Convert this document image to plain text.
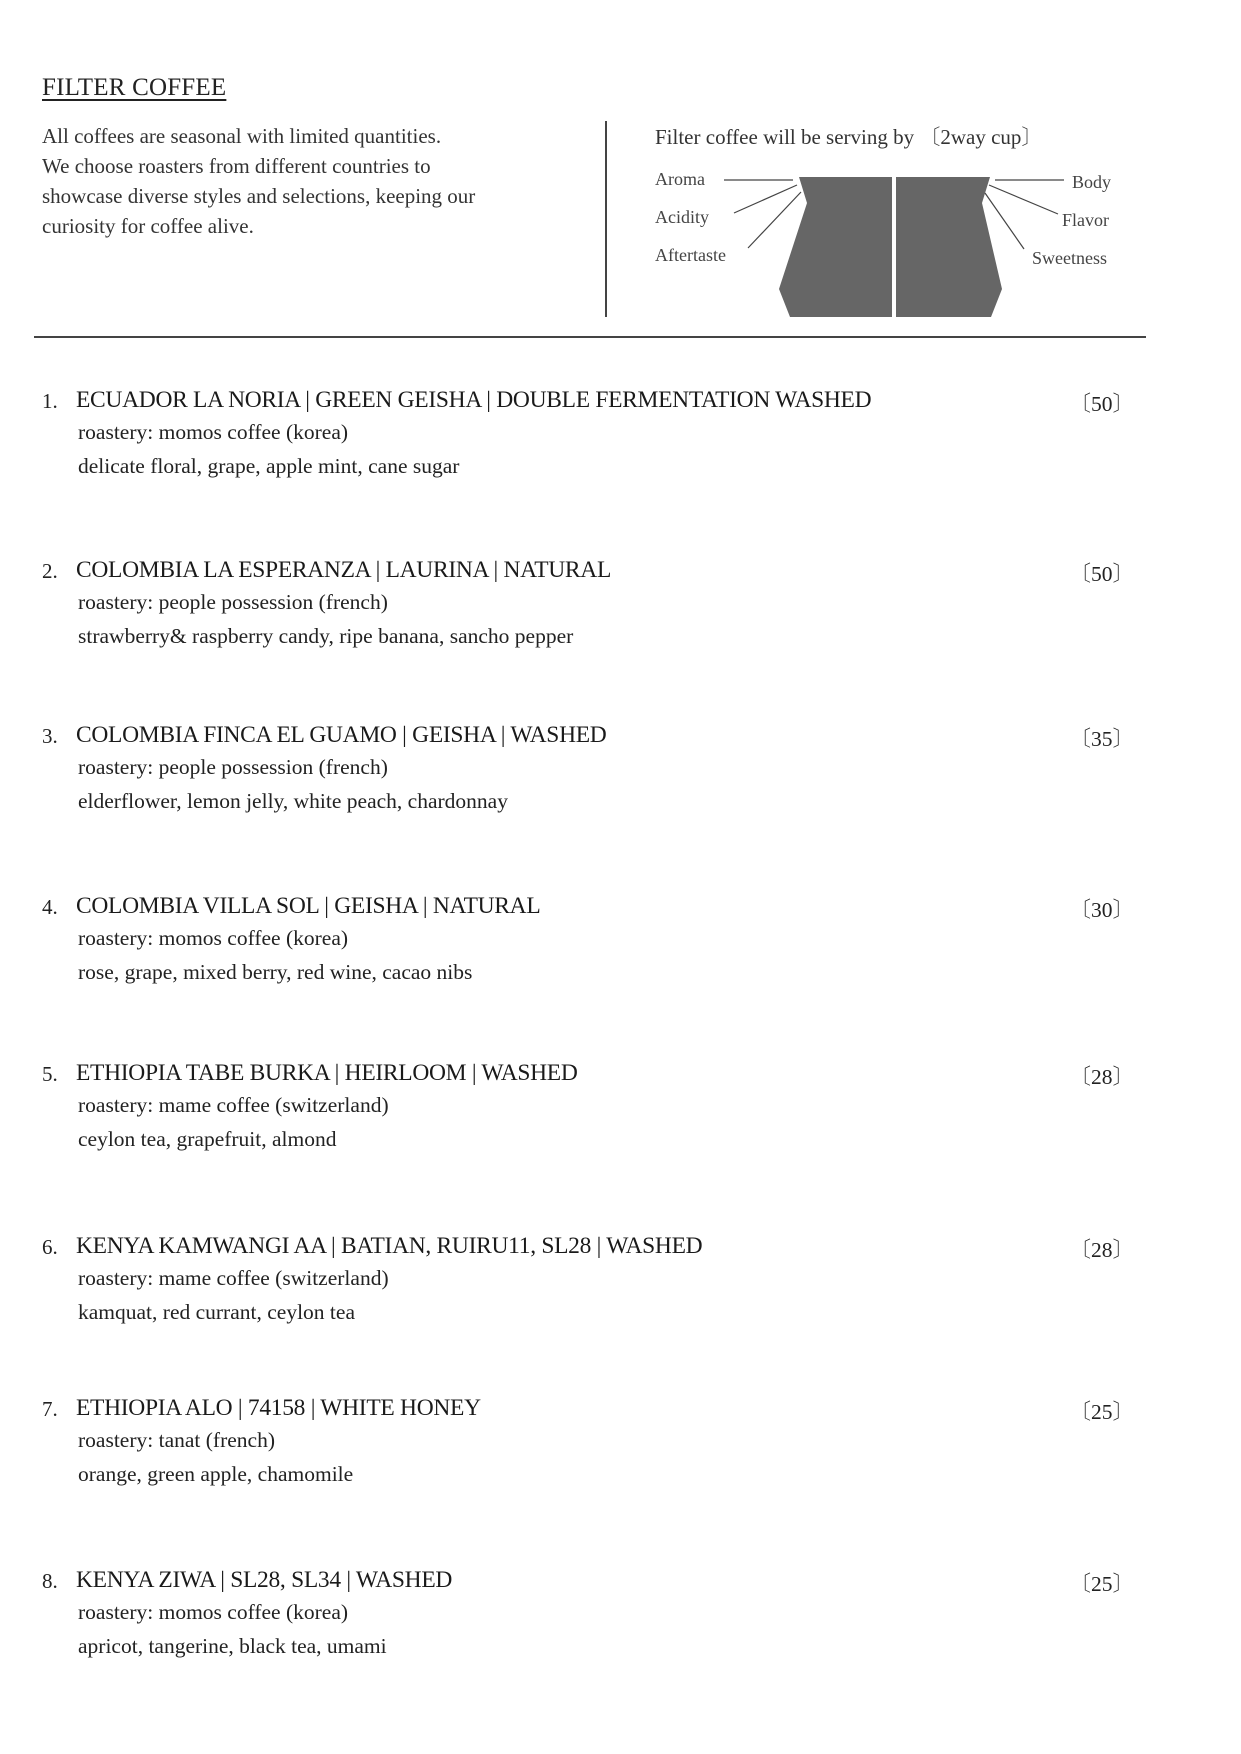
FILTER COFFEE
All coffees are seasonal with limited quantities.
We choose roasters from different countries to
showcase diverse styles and selections, keeping our
curiosity for coffee alive.
Filter coffee will be serving by 〔2way cup〕
Aroma
Acidity
Aftertaste
Body
Flavor
Sweetness
1. ECUADOR LA NORIA | GREEN GEISHA | DOUBLE FERMENTATION WASHED
roastery: momos coffee (korea)
delicate floral, grape, apple mint, cane sugar
〔50〕
2. COLOMBIA LA ESPERANZA | LAURINA | NATURAL
roastery: people possession (french)
strawberry& raspberry candy, ripe banana, sancho pepper
〔50〕
3. COLOMBIA FINCA EL GUAMO | GEISHA | WASHED
roastery: people possession (french)
elderflower, lemon jelly, white peach, chardonnay
〔35〕
4. COLOMBIA VILLA SOL | GEISHA | NATURAL
roastery: momos coffee (korea)
rose, grape, mixed berry, red wine, cacao nibs
〔30〕
5. ETHIOPIA TABE BURKA | HEIRLOOM | WASHED
roastery: mame coffee (switzerland)
ceylon tea, grapefruit, almond
〔28〕
6. KENYA KAMWANGI AA | BATIAN, RUIRU11, SL28 | WASHED
roastery: mame coffee (switzerland)
kamquat, red currant, ceylon tea
〔28〕
7. ETHIOPIA ALO | 74158 | WHITE HONEY
roastery: tanat (french)
orange, green apple, chamomile
〔25〕
8. KENYA ZIWA | SL28, SL34 | WASHED
roastery: momos coffee (korea)
apricot, tangerine, black tea, umami
〔25〕
